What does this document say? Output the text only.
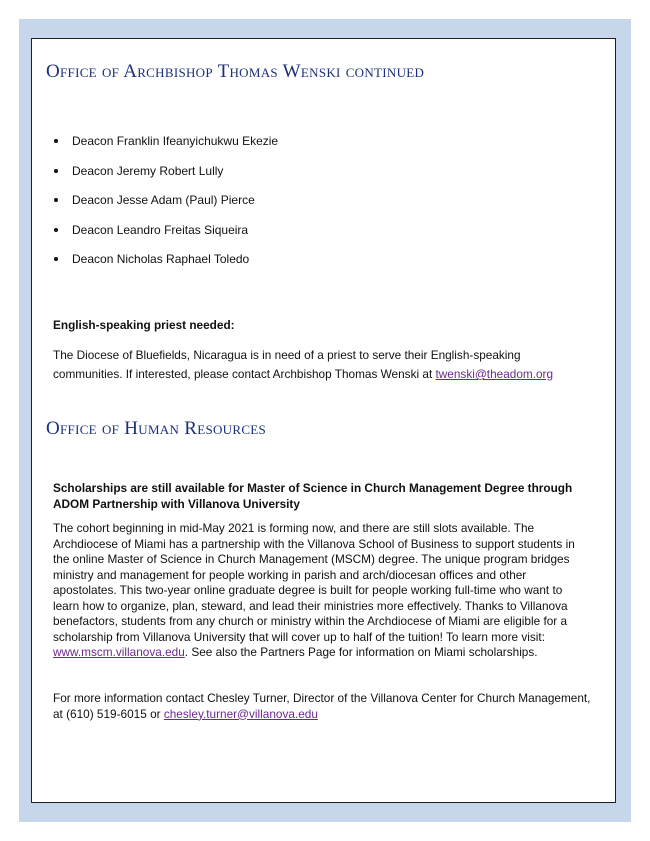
Office of Archbishop Thomas Wenski continued
Deacon Franklin Ifeanyichukwu Ekezie
Deacon Jeremy Robert Lully
Deacon Jesse Adam (Paul) Pierce
Deacon Leandro Freitas Siqueira
Deacon Nicholas Raphael Toledo

English-speaking priest needed:

The Diocese of Bluefields, Nicaragua is in need of a priest to serve their English-speaking communities. If interested, please contact Archbishop Thomas Wenski at twenski@theadom.org

Office of Human Resources

Scholarships are still available for Master of Science in Church Management Degree through ADOM Partnership with Villanova University

The cohort beginning in mid-May 2021 is forming now, and there are still slots available. The Archdiocese of Miami has a partnership with the Villanova School of Business to support students in the online Master of Science in Church Management (MSCM) degree. The unique program bridges ministry and management for people working in parish and arch/diocesan offices and other apostolates. This two-year online graduate degree is built for people working full-time who want to learn how to organize, plan, steward, and lead their ministries more effectively. Thanks to Villanova benefactors, students from any church or ministry within the Archdiocese of Miami are eligible for a scholarship from Villanova University that will cover up to half of the tuition! To learn more visit: www.mscm.villanova.edu. See also the Partners Page for information on Miami scholarships.

For more information contact Chesley Turner, Director of the Villanova Center for Church Management, at (610) 519-6015 or chesley.turner@villanova.edu
